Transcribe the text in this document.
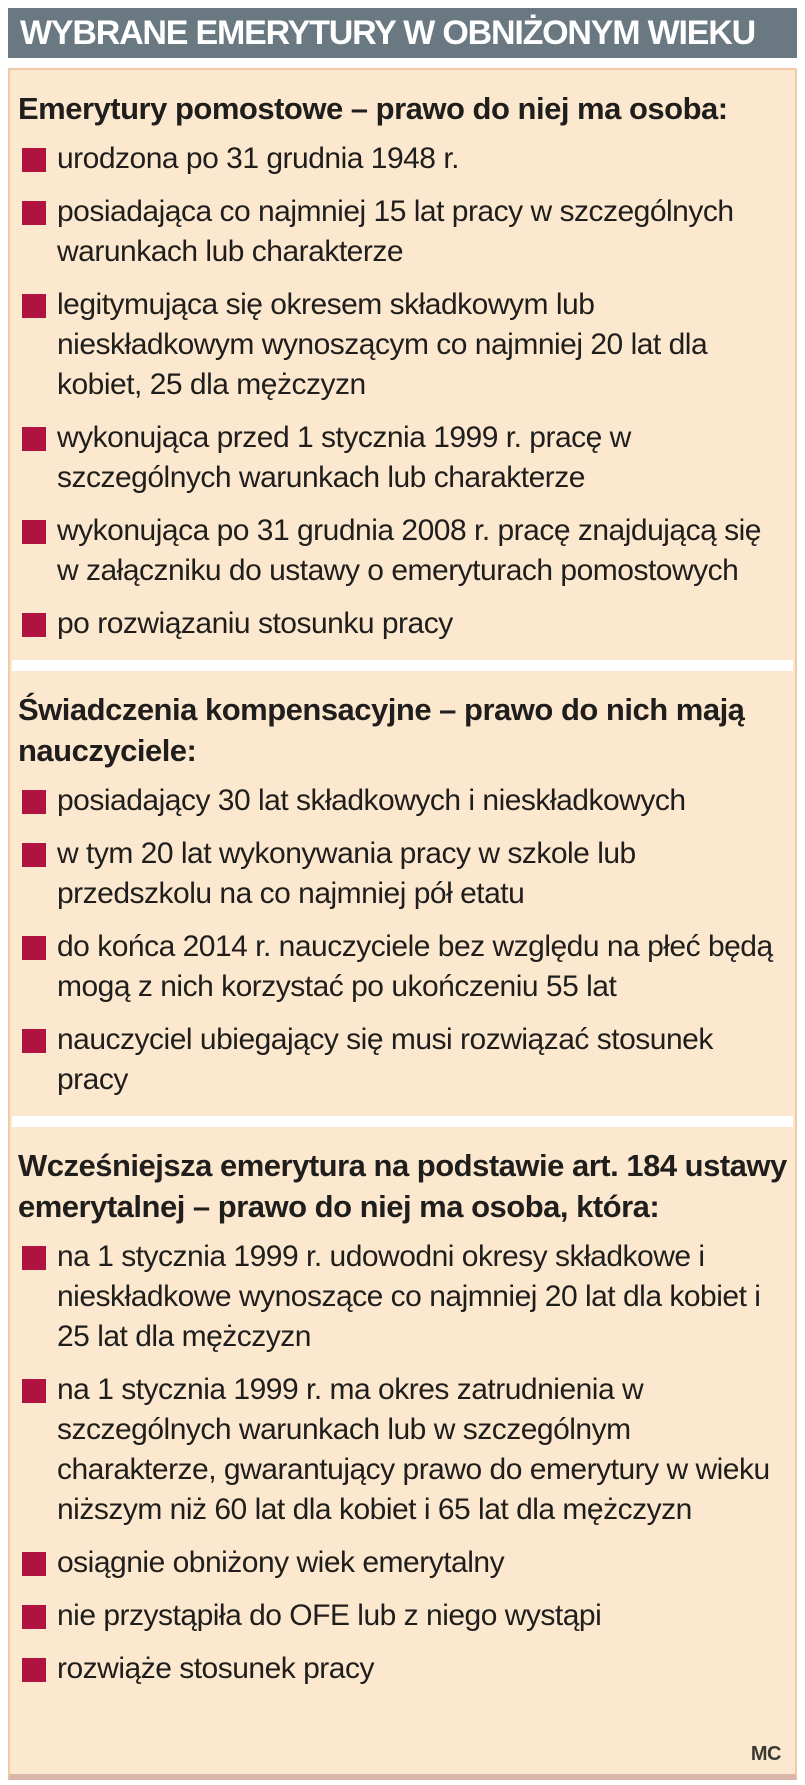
WYBRANE EMERYTURY W OBNIŻONYM WIEKU
Emerytury pomostowe – prawo do niej ma osoba:
urodzona po 31 grudnia 1948 r.
posiadająca co najmniej 15 lat pracy w szczególnych warunkach lub charakterze
legitymująca się okresem składkowym lub nieskładkowym wynoszącym co najmniej 20 lat dla kobiet, 25 dla mężczyzn
wykonująca przed 1 stycznia 1999 r. pracę w szczególnych warunkach lub charakterze
wykonująca po 31 grudnia 2008 r. pracę znajdującą się w załączniku do ustawy o emeryturach pomostowych
po rozwiązaniu stosunku pracy
Świadczenia kompensacyjne – prawo do nich mają nauczyciele:
posiadający 30 lat składkowych i nieskładkowych
w tym 20 lat wykonywania pracy w szkole lub przedszkolu na co najmniej pół etatu
do końca 2014 r. nauczyciele bez względu na płeć będą mogą z nich korzystać po ukończeniu 55 lat
nauczyciel ubiegający się musi rozwiązać stosunek pracy
Wcześniejsza emerytura na podstawie art. 184 ustawy emerytalnej – prawo do niej ma osoba, która:
na 1 stycznia 1999 r. udowodni okresy składkowe i nieskładkowe wynoszące co najmniej 20 lat dla kobiet i 25 lat dla mężczyzn
na 1 stycznia 1999 r. ma okres zatrudnienia w szczególnych warunkach lub w szczególnym charakterze, gwarantujący prawo do emerytury w wieku niższym niż 60 lat dla kobiet i 65 lat dla mężczyzn
osiągnie obniżony wiek emerytalny
nie przystąpiła do OFE lub z niego wystąpi
rozwiąże stosunek pracy
MC
